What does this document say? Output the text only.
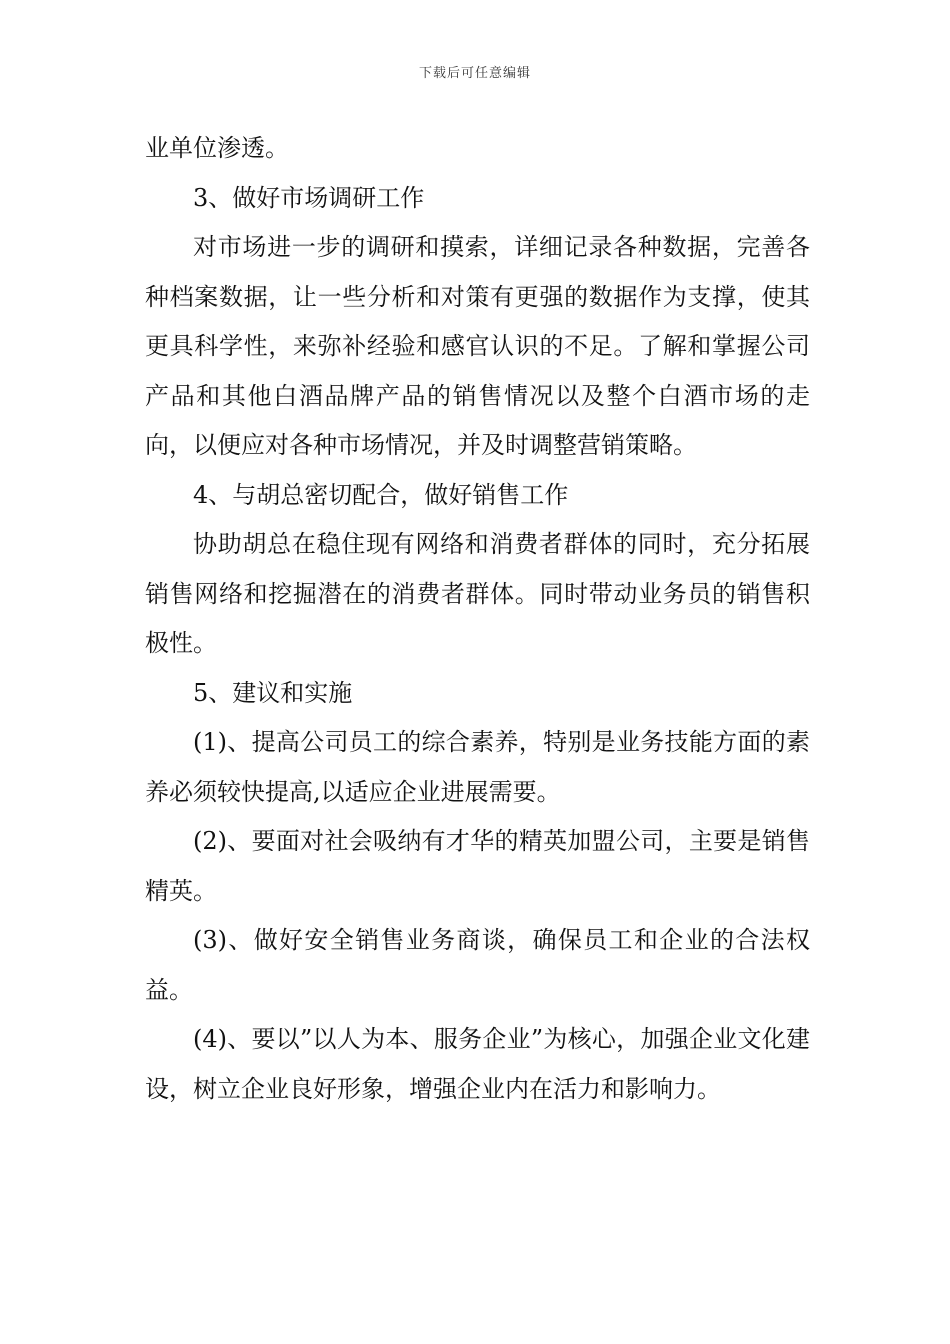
下载后可任意编辑

业单位渗透。

3、做好市场调研工作

对市场进一步的调研和摸索，详细记录各种数据，完善各种档案数据，让一些分析和对策有更强的数据作为支撑，使其更具科学性，来弥补经验和感官认识的不足。了解和掌握公司产品和其他白酒品牌产品的销售情况以及整个白酒市场的走向，以便应对各种市场情况，并及时调整营销策略。

4、与胡总密切配合，做好销售工作

协助胡总在稳住现有网络和消费者群体的同时，充分拓展销售网络和挖掘潜在的消费者群体。同时带动业务员的销售积极性。

5、建议和实施

(1)、提高公司员工的综合素养，特别是业务技能方面的素养必须较快提高,以适应企业进展需要。

(2)、要面对社会吸纳有才华的精英加盟公司，主要是销售精英。

(3)、做好安全销售业务商谈，确保员工和企业的合法权益。

(4)、要以”以人为本、服务企业”为核心，加强企业文化建设，树立企业良好形象，增强企业内在活力和影响力。
